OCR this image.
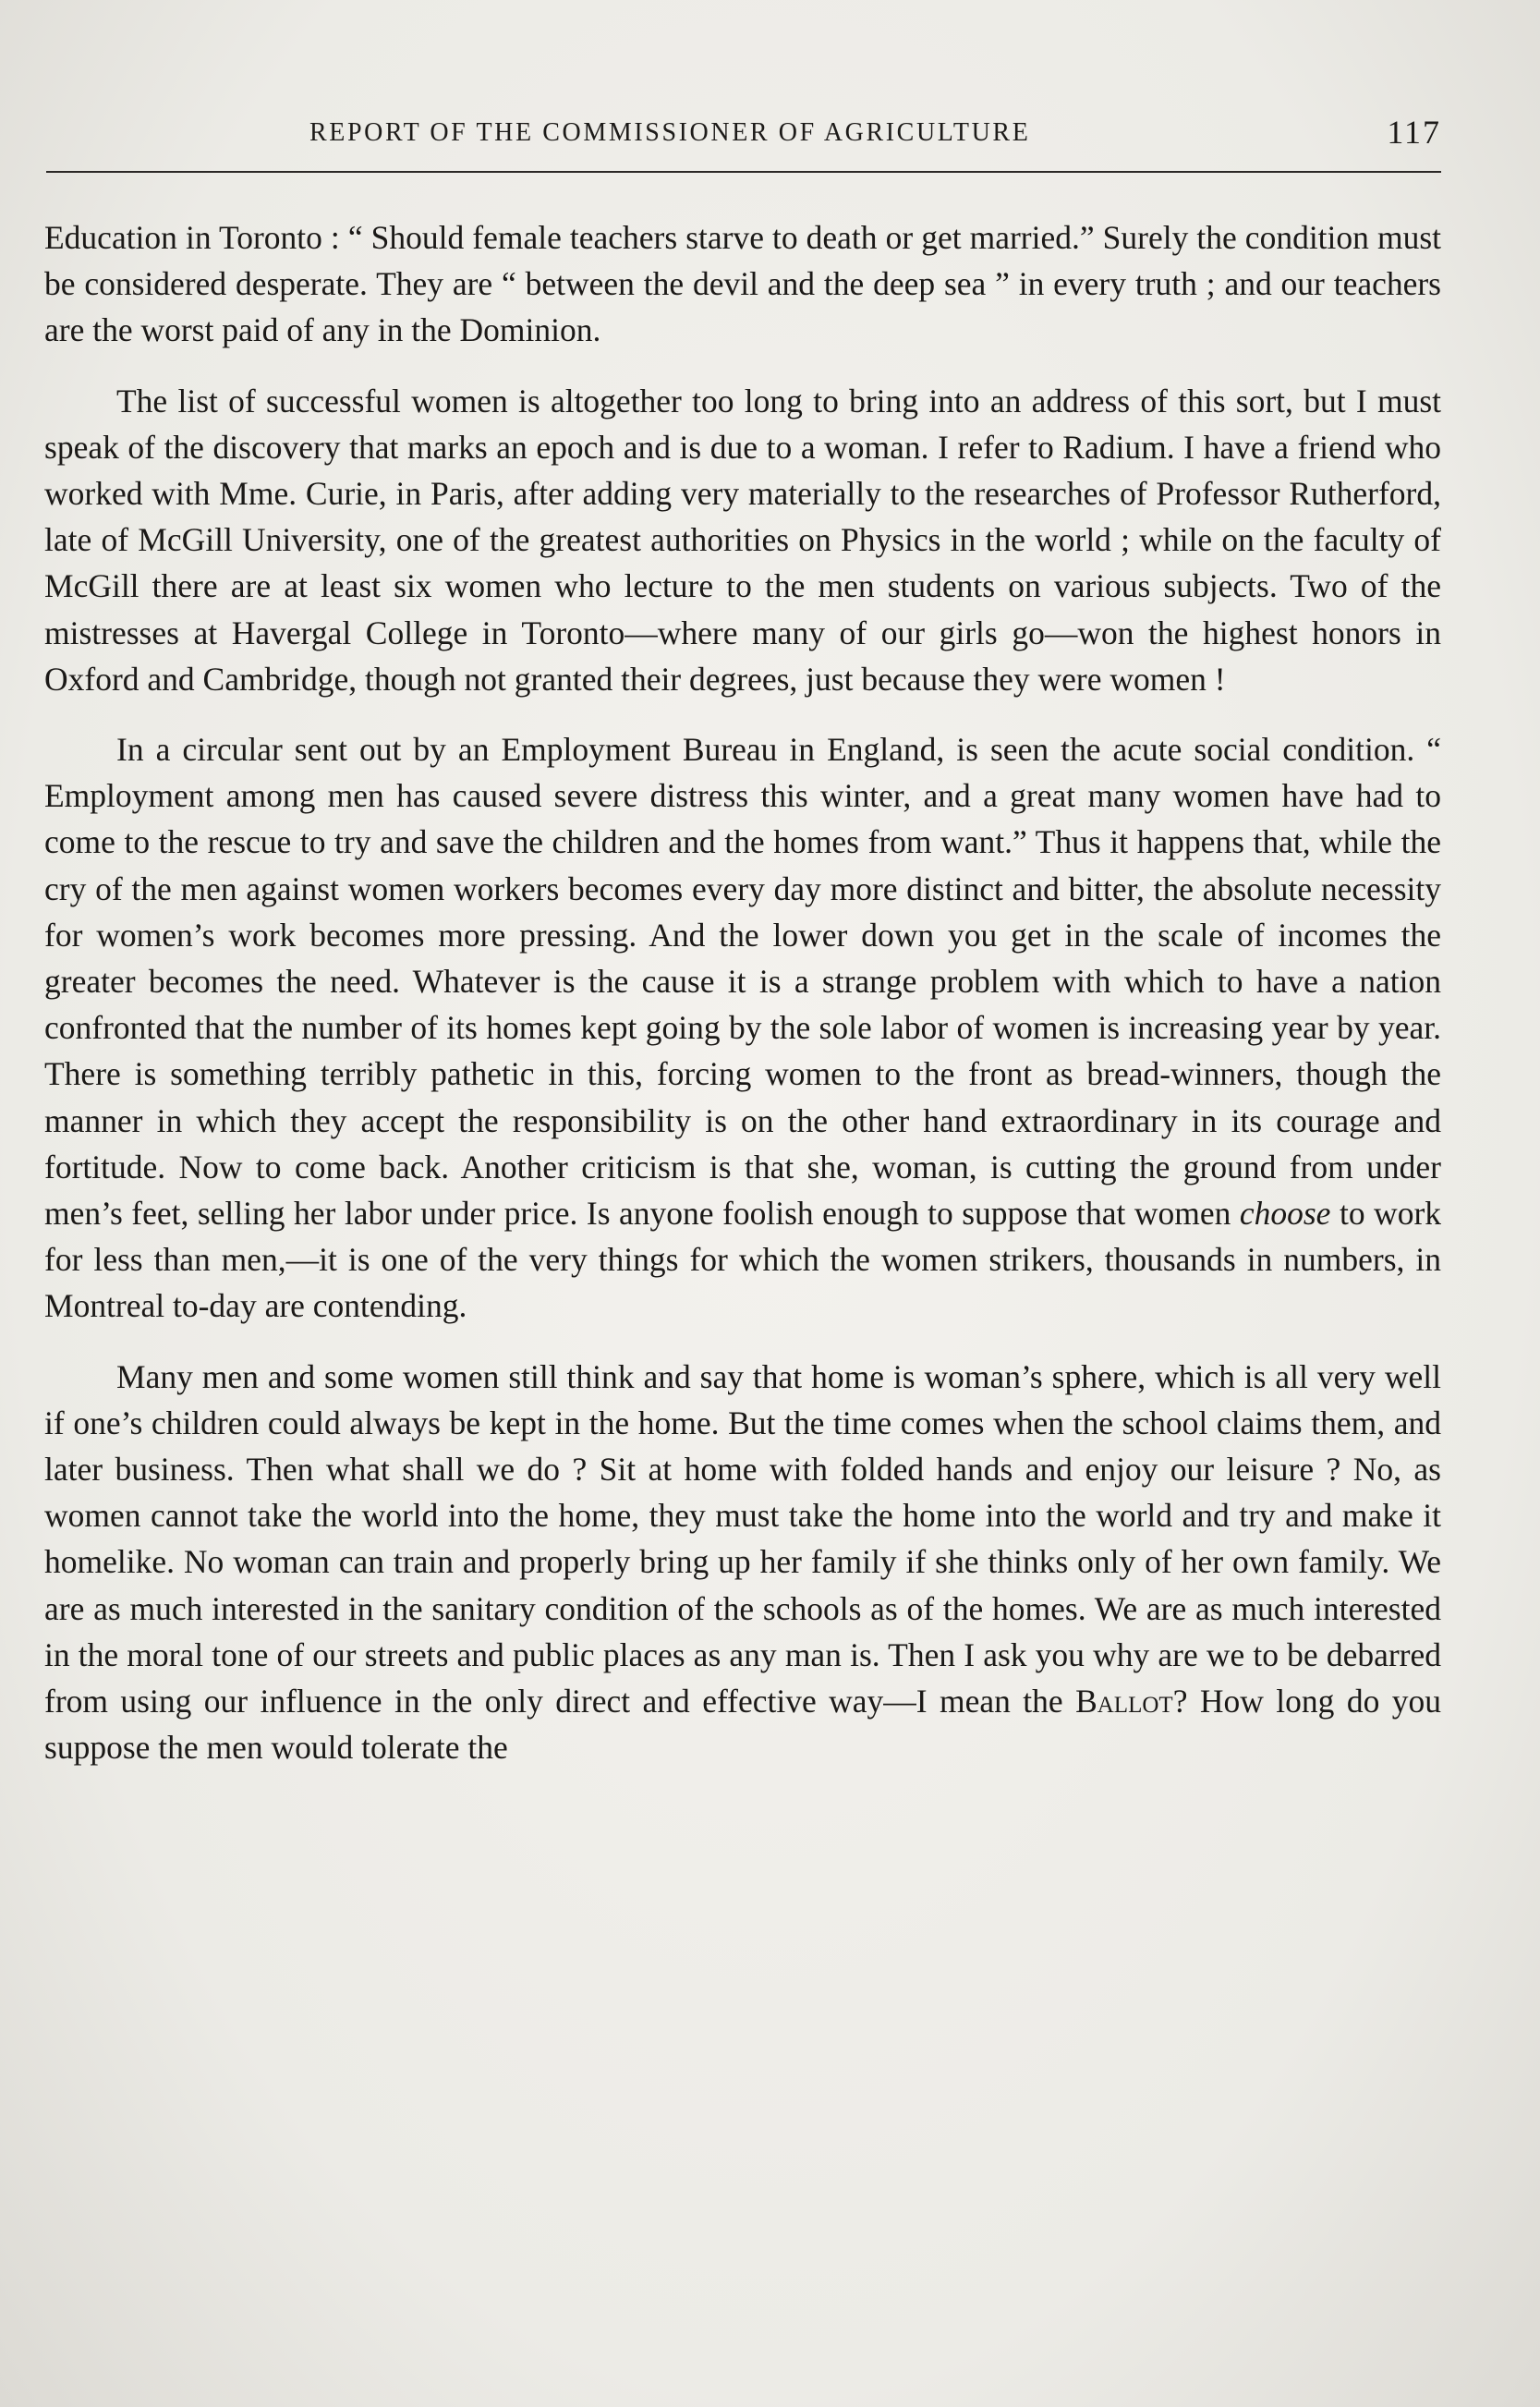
REPORT OF THE COMMISSIONER OF AGRICULTURE	117

Education in Toronto : “ Should female teachers starve to death or get married.” Surely the condition must be considered desperate. They are “ between the devil and the deep sea ” in every truth ; and our teachers are the worst paid of any in the Dominion.

The list of successful women is altogether too long to bring into an address of this sort, but I must speak of the discovery that marks an epoch and is due to a woman. I refer to Radium. I have a friend who worked with Mme. Curie, in Paris, after adding very materially to the researches of Professor Rutherford, late of McGill University, one of the greatest authorities on Physics in the world ; while on the faculty of McGill there are at least six women who lecture to the men students on various subjects. Two of the mistresses at Havergal College in Toronto—where many of our girls go—won the highest honors in Oxford and Cambridge, though not granted their degrees, just because they were women !

In a circular sent out by an Employment Bureau in England, is seen the acute social condition. “ Employment among men has caused severe distress this winter, and a great many women have had to come to the rescue to try and save the children and the homes from want.” Thus it happens that, while the cry of the men against women workers becomes every day more distinct and bitter, the absolute necessity for women’s work becomes more pressing. And the lower down you get in the scale of incomes the greater becomes the need. Whatever is the cause it is a strange problem with which to have a nation confronted that the number of its homes kept going by the sole labor of women is increasing year by year. There is something terribly pathetic in this, forcing women to the front as bread-winners, though the manner in which they accept the responsibility is on the other hand extraordinary in its courage and fortitude. Now to come back. Another criticism is that she, woman, is cutting the ground from under men’s feet, selling her labor under price. Is anyone foolish enough to suppose that women choose to work for less than men,—it is one of the very things for which the women strikers, thousands in numbers, in Montreal to-day are contending.

Many men and some women still think and say that home is woman’s sphere, which is all very well if one’s children could always be kept in the home. But the time comes when the school claims them, and later business. Then what shall we do ? Sit at home with folded hands and enjoy our leisure ? No, as women cannot take the world into the home, they must take the home into the world and try and make it homelike. No woman can train and properly bring up her family if she thinks only of her own family. We are as much interested in the sanitary condition of the schools as of the homes. We are as much interested in the moral tone of our streets and public places as any man is. Then I ask you why are we to be debarred from using our influence in the only direct and effective way—I mean the Ballot? How long do you suppose the men would tolerate the
